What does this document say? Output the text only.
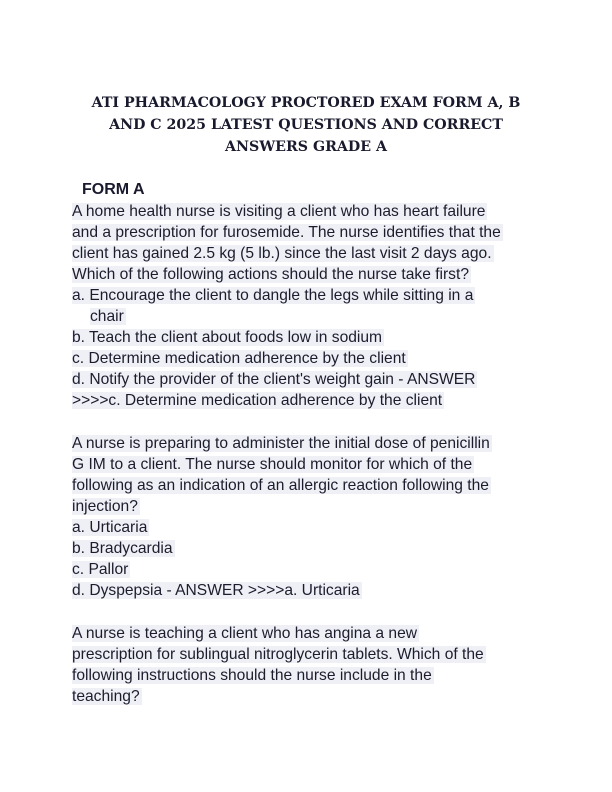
ATI PHARMACOLOGY PROCTORED EXAM FORM A, B
AND C 2025 LATEST QUESTIONS AND CORRECT
ANSWERS GRADE A
FORM A
A home health nurse is visiting a client who has heart failure
and a prescription for furosemide. The nurse identifies that the
client has gained 2.5 kg (5 lb.) since the last visit 2 days ago.
Which of the following actions should the nurse take first?
a. Encourage the client to dangle the legs while sitting in a
chair
b. Teach the client about foods low in sodium
c. Determine medication adherence by the client
d. Notify the provider of the client's weight gain - ANSWER
>>>>c. Determine medication adherence by the client
A nurse is preparing to administer the initial dose of penicillin
G IM to a client. The nurse should monitor for which of the
following as an indication of an allergic reaction following the
injection?
a. Urticaria
b. Bradycardia
c. Pallor
d. Dyspepsia - ANSWER >>>>a. Urticaria
A nurse is teaching a client who has angina a new
prescription for sublingual nitroglycerin tablets. Which of the
following instructions should the nurse include in the
teaching?
